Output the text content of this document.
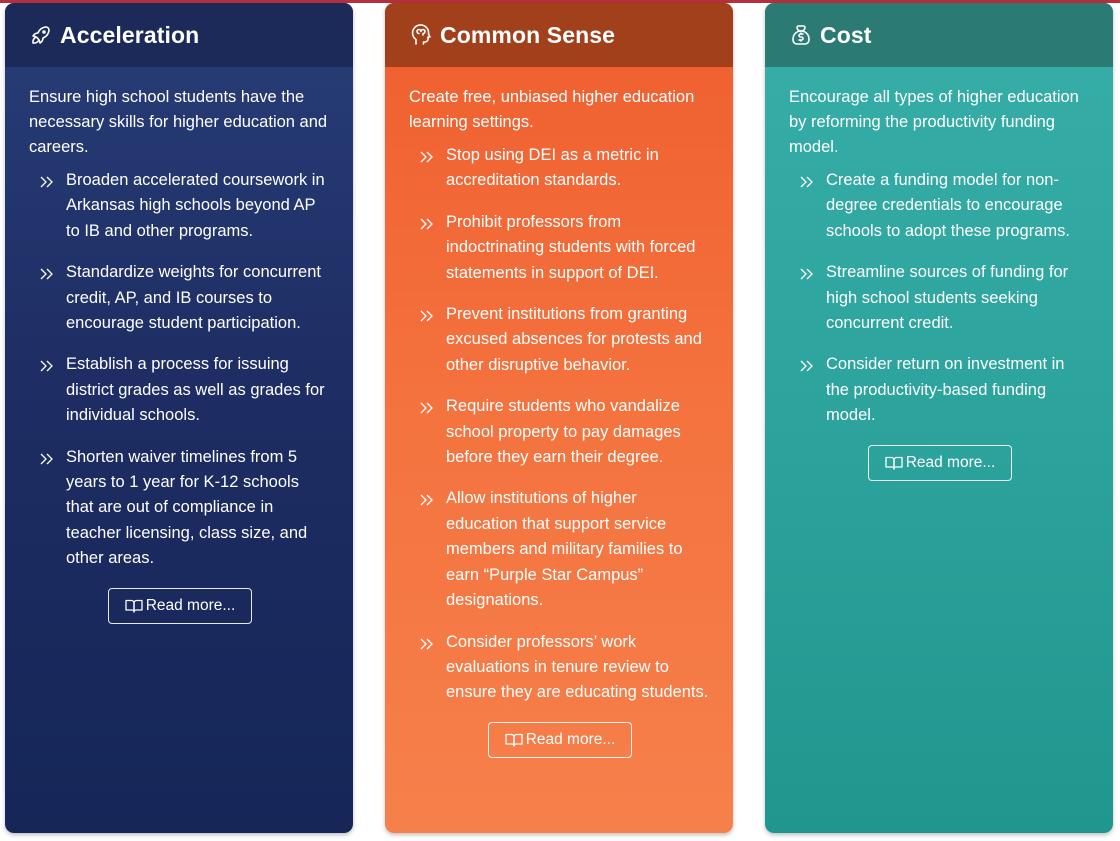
Acceleration

Ensure high school students have the necessary skills for higher education and careers.

Broaden accelerated coursework in Arkansas high schools beyond AP to IB and other programs.
Standardize weights for concurrent credit, AP, and IB courses to encourage student participation.
Establish a process for issuing district grades as well as grades for individual schools.
Shorten waiver timelines from 5 years to 1 year for K-12 schools that are out of compliance in teacher licensing, class size, and other areas.
Read more...
Common Sense

Create free, unbiased higher education learning settings.

Stop using DEI as a metric in accreditation standards.
Prohibit professors from indoctrinating students with forced statements in support of DEI.
Prevent institutions from granting excused absences for protests and other disruptive behavior.
Require students who vandalize school property to pay damages before they earn their degree.
Allow institutions of higher education that support service members and military families to earn “Purple Star Campus” designations.
Consider professors’ work evaluations in tenure review to ensure they are educating students.
Read more...
Cost

Encourage all types of higher education by reforming the productivity funding model.

Create a funding model for non-degree credentials to encourage schools to adopt these programs.
Streamline sources of funding for high school students seeking concurrent credit.
Consider return on investment in the productivity-based funding model.
Read more...
